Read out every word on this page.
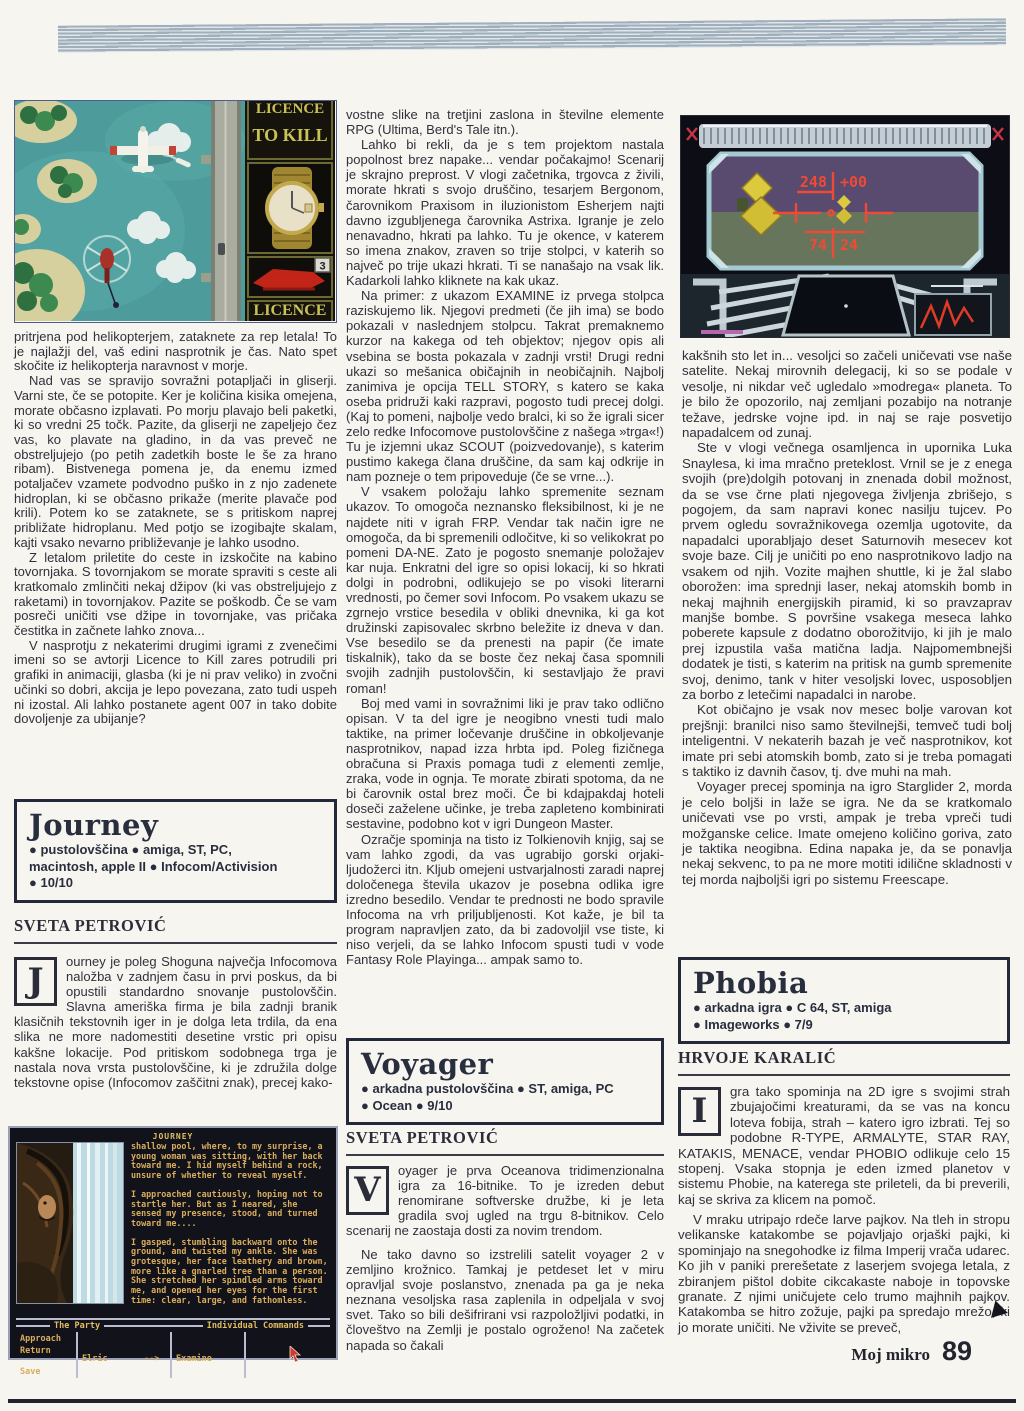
LICENCE
TO KILL
3
LICENCE

pritrjena pod helikopterjem, zataknete za rep letala! To je najlažji del, vaš edini nasprotnik je čas. Nato spet skočite iz helikopterja naravnost v morje.

Nad vas se spravijo sovražni potapljači in gliserji. Varni ste, če se potopite. Ker je količina kisika omejena, morate občasno izplavati. Po morju plavajo beli paketki, ki so vredni 25 točk. Pazite, da gliserji ne zapeljejo čez vas, ko plavate na gladino, in da vas preveč ne obstreljujejo (po petih zadetkih boste le še za hrano ribam). Bistvenega pomena je, da enemu izmed potaljačev vzamete podvodno puško in z njo zadenete hidroplan, ki se občasno prikaže (merite plavače pod krili). Potem ko se zataknete, se s pritiskom naprej približate hidroplanu. Med potjo se izogibajte skalam, kajti vsako nevarno približevanje je lahko usodno.

Z letalom priletite do ceste in izskočite na kabino tovornjaka. S tovornjakom se morate spraviti s ceste ali kratkomalo zmlinčiti nekaj džipov (ki vas obstreljujejo z raketami) in tovornjakov. Pazite se poškodb. Če se vam posreči uničiti vse džipe in tovornjake, vas pričaka čestitka in začnete lahko znova...

V nasprotju z nekaterimi drugimi igrami z zvenečimi imeni so se avtorji Licence to Kill zares potrudili pri grafiki in animaciji, glasba (ki je ni prav veliko) in zvočni učinki so dobri, akcija je lepo povezana, zato tudi uspeh ni izostal. Ali lahko postanete agent 007 in tako dobite dovoljenje za ubijanje?

Journey
● pustolovščina ● amiga, ST, PC,
macintosh, apple II ● Infocom/Activision
● 10/10
SVETA PETROVIĆ
J	ourney je poleg Shoguna največja Infocomova naložba v zadnjem času in prvi poskus, da bi opustili standardno snovanje pustolovščin. Slavna ameriška firma je bila zadnji branik klasičnih tekstovnih iger in je dolga leta trdila, da ena slika ne more nadomestiti desetine vrstic pri opisu kakšne lokacije. Pod pritiskom sodobnega trga je nastala nova vrsta pustolovščine, ki je združila dolge tekstovne opise (Infocomov zaščitni znak), precej kako-
JOURNEY

shallow pool, where, to my surprise, a young woman was sitting, with her back toward me. I hid myself behind a rock, unsure of whether to reveal myself.

I approached cautiously, hoping not to startle her. But as I neared, she sensed my presence, stood, and turned toward me....

I gasped, stumbling backward onto the ground, and twisted my ankle. She was grotesque, her face leathery and brown, more like a gnarled tree than a person. She stretched her spindled arms toward me, and opened her eyes for the first time: clear, large, and fathomless.

The Party	Individual Commands
Approach
Return
Save
Elric	-->	Examine

vostne slike na tretjini zaslona in številne elemente RPG (Ultima, Berd's Tale itn.).

Lahko bi rekli, da je s tem projektom nastala popolnost brez napake... vendar počakajmo! Scenarij je skrajno preprost. V vlogi začetnika, trgovca z živili, morate hkrati s svojo druščino, tesarjem Bergonom, čarovnikom Praxisom in iluzionistom Esherjem najti davno izgubljenega čarovnika Astrixa. Igranje je zelo nenavadno, hkrati pa lahko. Tu je okence, v katerem so imena znakov, zraven so trije stolpci, v katerih so največ po trije ukazi hkrati. Ti se nanašajo na vsak lik. Kadarkoli lahko kliknete na kak ukaz.

Na primer: z ukazom EXAMINE iz prvega stolpca raziskujemo lik. Njegovi predmeti (če jih ima) se bodo pokazali v naslednjem stolpcu. Takrat premaknemo kurzor na kakega od teh objektov; njegov opis ali vsebina se bosta pokazala v zadnji vrsti! Drugi redni ukazi so mešanica običajnih in neobičajnih. Najbolj zanimiva je opcija TELL STORY, s katero se kaka oseba pridruži kaki razpravi, pogosto tudi precej dolgi. (Kaj to pomeni, najbolje vedo bralci, ki so že igrali sicer zelo redke Infocomove pustolovščine z našega »trga«!) Tu je izjemni ukaz SCOUT (poizvedovanje), s katerim pustimo kakega člana druščine, da sam kaj odkrije in nam pozneje o tem pripoveduje (če se vrne...).

V vsakem položaju lahko spremenite seznam ukazov. To omogoča neznansko fleksibilnost, ki je ne najdete niti v igrah FRP. Vendar tak način igre ne omogoča, da bi spremenili odločitve, ki so velikokrat po pomeni DA-NE. Zato je pogosto snemanje položajev kar nuja. Enkratni del igre so opisi lokacij, ki so hkrati dolgi in podrobni, odlikujejo se po visoki literarni vrednosti, po čemer sovi Infocom. Po vsakem ukazu se zgrnejo vrstice besedila v obliki dnevnika, ki ga kot družinski zapisovalec skrbno beležite iz dneva v dan. Vse besedilo se da prenesti na papir (če imate tiskalnik), tako da se boste čez nekaj časa spomnili svojih zadnjih pustolovščin, ki sestavljajo že pravi roman!

Boj med vami in sovražnimi liki je prav tako odlično opisan. V ta del igre je neogibno vnesti tudi malo taktike, na primer ločevanje druščine in obkoljevanje nasprotnikov, napad izza hrbta ipd. Poleg fizičnega obračuna si Praxis pomaga tudi z elementi zemlje, zraka, vode in ognja. Te morate zbirati spotoma, da ne bi čarovnik ostal brez moči. Če bi kdajpakdaj hoteli doseči zaželene učinke, je treba zapleteno kombinirati sestavine, podobno kot v igri Dungeon Master.

Ozračje spominja na tisto iz Tolkienovih knjig, saj se vam lahko zgodi, da vas ugrabijo gorski orjaki-ljudožerci itn. Kljub omejeni ustvarjalnosti zaradi naprej določenega števila ukazov je posebna odlika igre izredno besedilo. Vendar te prednosti ne bodo spravile Infocoma na vrh priljubljenosti. Kot kaže, je bil ta program napravljen zato, da bi zadovoljil vse tiste, ki niso verjeli, da se lahko Infocom spusti tudi v vode Fantasy Role Playinga... ampak samo to.

Voyager
● arkadna pustolovščina ● ST, amiga, PC
● Ocean ● 9/10
SVETA PETROVIĆ
V	oyager je prva Oceanova tridimenzionalna igra za 16-bitnike. To je izreden debut renomirane softverske družbe, ki je leta gradila svoj ugled na trgu 8-bitnikov. Celo scenarij ne zaostaja dosti za novim trendom.

Ne tako davno so izstrelili satelit voyager 2 v zemljino krožnico. Tamkaj je petdeset let v miru opravljal svoje poslanstvo, znenada pa ga je neka neznana vesoljska rasa zaplenila in odpeljala v svoj svet. Tako so bili dešifrirani vsi razpoložljivi podatki, in človeštvo na Zemlji je postalo ogroženo! Na začetek napada so čakali

248 +00
74 24

kakšnih sto let in... vesoljci so začeli uničevati vse naše satelite. Nekaj mirovnih delegacij, ki so se podale v vesolje, ni nikdar več ugledalo »modrega« planeta. To je bilo že opozorilo, naj zemljani pozabijo na notranje težave, jedrske vojne ipd. in naj se raje posvetijo napadalcem od zunaj.

Ste v vlogi večnega osamljenca in upornika Luka Snaylesa, ki ima mračno preteklost. Vrnil se je z enega svojih (pre)dolgih potovanj in znenada dobil možnost, da se vse črne plati njegovega življenja zbrišejo, s pogojem, da sam napravi konec nasilju tujcev. Po prvem ogledu sovražnikovega ozemlja ugotovite, da napadalci uporabljajo deset Saturnovih mesecev kot svoje baze. Cilj je uničiti po eno nasprotnikovo ladjo na vsakem od njih. Vozite majhen shuttle, ki je žal slabo oborožen: ima sprednji laser, nekaj atomskih bomb in nekaj majhnih energijskih piramid, ki so pravzaprav manjše bombe. S površine vsakega meseca lahko poberete kapsule z dodatno oborožitvijo, ki jih je malo prej izpustila vaša matična ladja. Najpomembnejši dodatek je tisti, s katerim na pritisk na gumb spremenite svoj, denimo, tank v hiter vesoljski lovec, usposobljen za borbo z letečimi napadalci in narobe.

Kot običajno je vsak nov mesec bolje varovan kot prejšnji: branilci niso samo številnejši, temveč tudi bolj inteligentni. V nekaterih bazah je več nasprotnikov, kot imate pri sebi atomskih bomb, zato si je treba pomagati s taktiko iz davnih časov, tj. dve muhi na mah.

Voyager precej spominja na igro Starglider 2, morda je celo boljši in laže se igra. Ne da se kratkomalo uničevati vse po vrsti, ampak je treba vpreči tudi možganske celice. Imate omejeno količino goriva, zato je taktika neogibna. Edina napaka je, da se ponavlja nekaj sekvenc, to pa ne more motiti idilične skladnosti v tej morda najboljši igri po sistemu Freescape.

Phobia
● arkadna igra ● C 64, ST, amiga
● Imageworks ● 7/9
HRVOJE KARALIĆ
I	gra tako spominja na 2D igre s svojimi strah zbujajočimi kreaturami, da se vas na koncu loteva fobija, strah – katero igro izbrati. Tej so podobne R-TYPE, ARMALYTE, STAR RAY, KATAKIS, MENACE, vendar PHOBIO odlikuje celo 15 stopenj. Vsaka stopnja je eden izmed planetov v sistemu Phobie, na katerega ste prileteli, da bi preverili, kaj se skriva za klicem na pomoč.

V mraku utripajo rdeče larve pajkov. Na tleh in stropu velikanske katakombe se pojavljajo orjaški pajki, ki spominjajo na snegohodke iz filma Imperij vrača udarec. Ko jih v paniki prerešetate z laserjem svojega letala, z zbiranjem pištol dobite cikcakaste naboje in topovske granate. Z njimi uničujete celo trumo majhnih pajkov. Katakomba se hitro zožuje, pajki pa spredajo mrežo, ki jo morate uničiti. Ne vživite se preveč,

Moj mikro 89
